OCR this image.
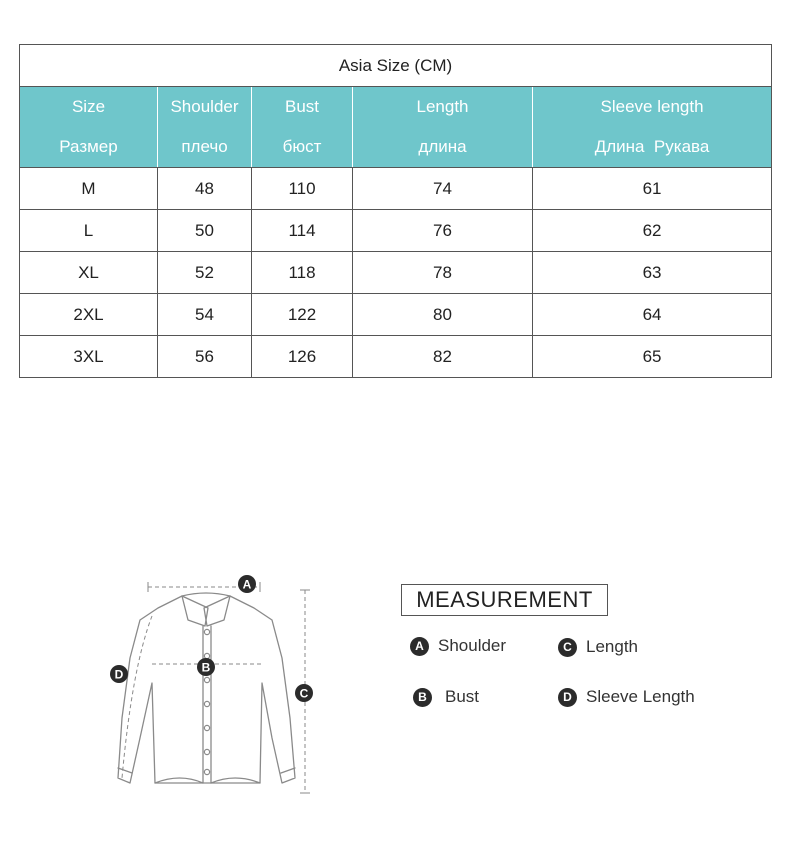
Asia Size (CM)				
Size	Shoulder	Bust	Length	Sleeve length
Размер	плечо	бюст	длина	Длина  Рукава
M	48	110	74	61
L	50	114	76	62
XL	52	118	78	63
2XL	54	122	80	64
3XL	56	126	82	65
A
B
C
D
MEASUREMENT
A Shoulder	C Length
B	Bust	D Sleeve Length
